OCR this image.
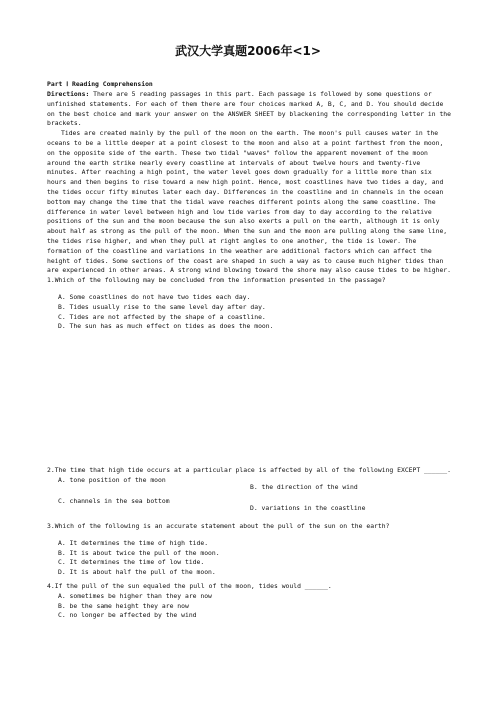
武汉大学真题2006年<1>
Part Ⅰ Reading Comprehension

Directions: There are 5 reading passages in this part. Each passage is followed by some questions or unfinished statements. For each of them there are four choices marked A, B, C, and D. You should decide on the best choice and mark your answer on the ANSWER SHEET by blackening the corresponding letter in the brackets.

Tides are created mainly by the pull of the moon on the earth. The moon's pull causes water in the oceans to be a little deeper at a point closest to the moon and also at a point farthest from the moon, on the opposite side of the earth. These two tidal "waves" follow the apparent movement of the moon around the earth strike nearly every coastline at intervals of about twelve hours and twenty-five minutes. After reaching a high point, the water level goes down gradually for a little more than six hours and then begins to rise toward a new high point. Hence, most coastlines have two tides a day, and the tides occur fifty minutes later each day. Differences in the coastline and in channels in the ocean bottom may change the time that the tidal wave reaches different points along the same coastline. The difference in water level between high and low tide varies from day to day according to the relative positions of the sun and the moon because the sun also exerts a pull on the earth, although it is only about half as strong as the pull of the moon. When the sun and the moon are pulling along the same line, the tides rise higher, and when they pull at right angles to one another, the tide is lower. The formation of the coastline and variations in the weather are additional factors which can affect the height of tides. Some sections of the coast are shaped in such a way as to cause much higher tides than are experienced in other areas. A strong wind blowing toward the shore may also cause tides to be higher.

1.Which of the following may be concluded from the information presented in the passage?

A. Some coastlines do not have two tides each day.

B. Tides usually rise to the same level day after day.

C. Tides are not affected by the shape of a coastline.

D. The sun has as much effect on tides as does the moon.

2.The time that high tide occurs at a particular place is affected by all of the following EXCEPT ______.

A. tone position of the moon
B. the direction of the wind
C. channels in the sea bottom
D. variations in the coastline

3.Which of the following is an accurate statement about the pull of the sun on the earth?

A. It determines the time of high tide.

B. It is about twice the pull of the moon.

C. It determines the time of low tide.

D. It is about half the pull of the moon.

4.If the pull of the sun equaled the pull of the moon, tides would ______.

A. sometimes be higher than they are now

B. be the same height they are now

C. no longer be affected by the wind
